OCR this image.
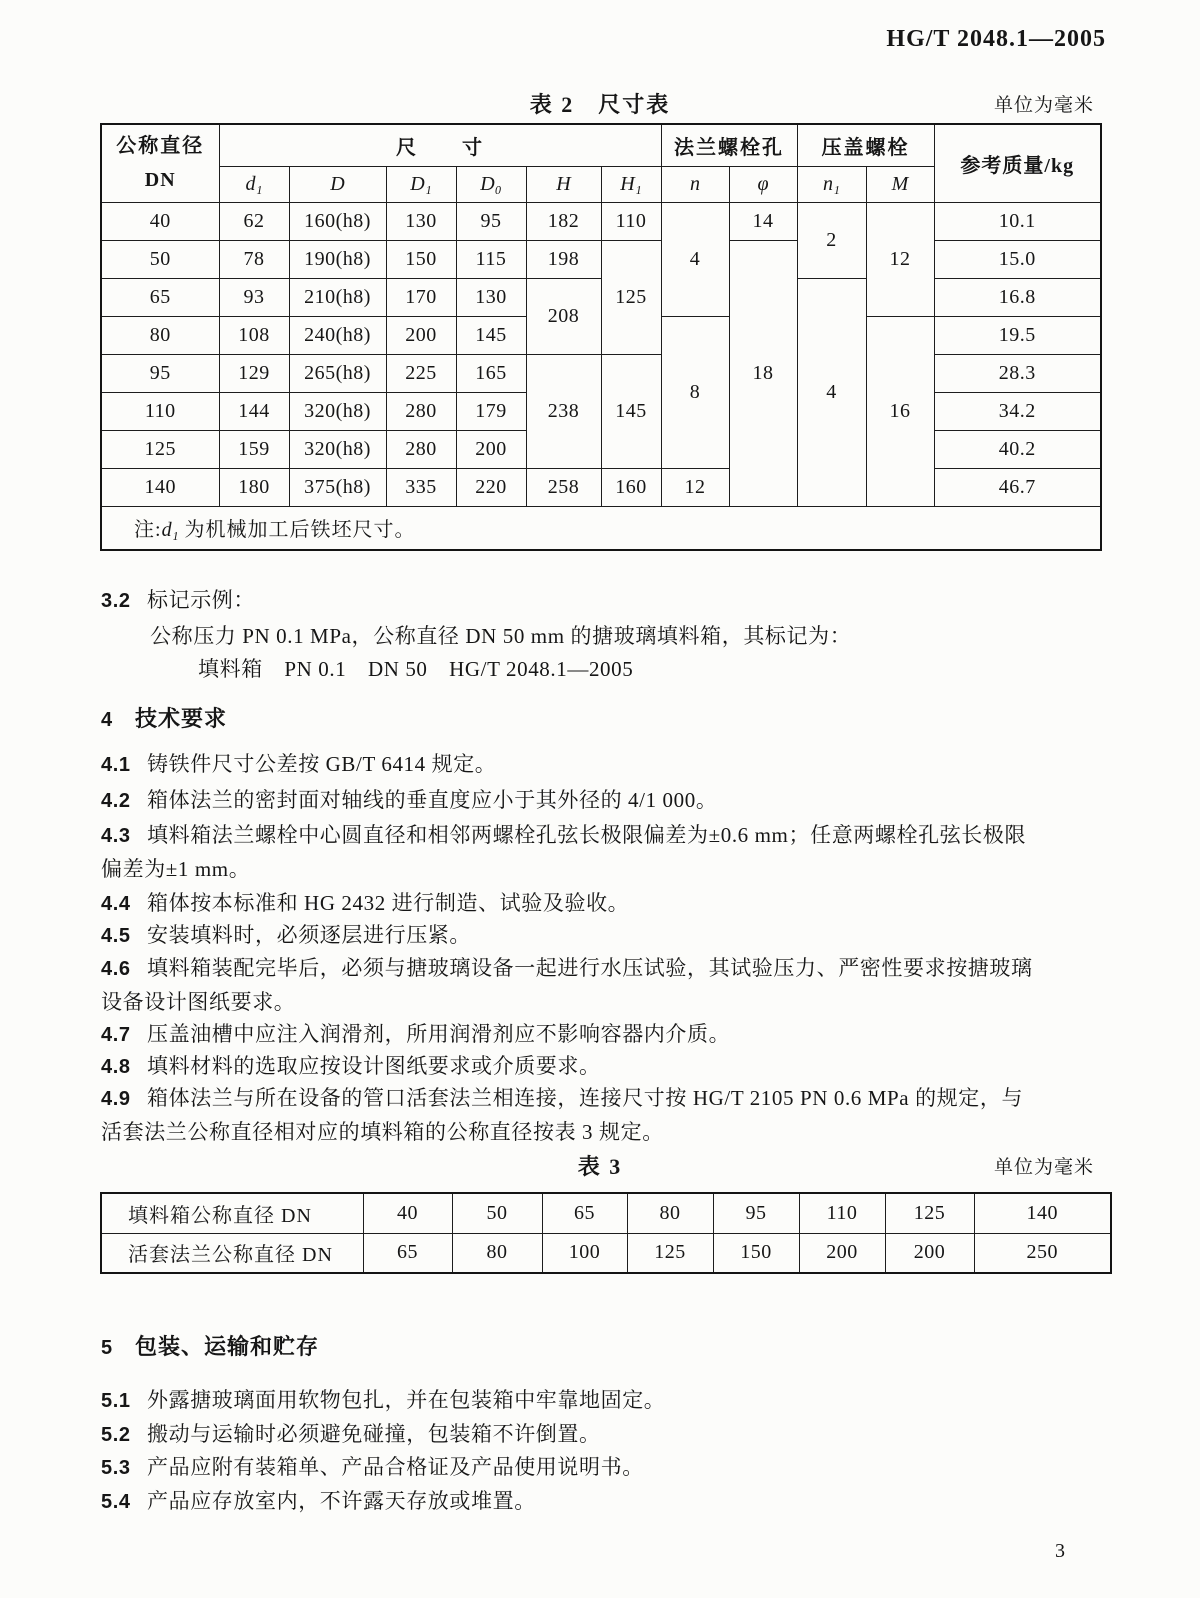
HG/T 2048.1—2005
表 2　尺寸表	单位为毫米
公称直径
DN	尺　　寸						法兰螺栓孔		压盖螺栓		参考质量/kg
	d₁	D	D₁	D₀	H	H₁	n	φ	n₁	M	
40	62	160(h8)	130	95	182	110	4	14	2	12	10.1
50	78	190(h8)	150	115	198	125		18			15.0
65	93	210(h8)	170	130	208				4		16.8
80	108	240(h8)	200	145			8			16	19.5
95	129	265(h8)	225	165	238	145					28.3
110	144	320(h8)	280	179							34.2
125	159	320(h8)	280	200							40.2
140	180	375(h8)	335	220	258	160	12				46.7
注:d₁ 为机械加工后铁坯尺寸。											
3.2 标记示例：
公称压力 PN 0.1 MPa，公称直径 DN 50 mm 的搪玻璃填料箱，其标记为：
填料箱　PN 0.1　DN 50　HG/T 2048.1—2005
4 技术要求
4.1 铸铁件尺寸公差按 GB/T 6414 规定。
4.2 箱体法兰的密封面对轴线的垂直度应小于其外径的 4/1 000。
4.3 填料箱法兰螺栓中心圆直径和相邻两螺栓孔弦长极限偏差为±0.6 mm；任意两螺栓孔弦长极限
偏差为±1 mm。
4.4 箱体按本标准和 HG 2432 进行制造、试验及验收。
4.5 安装填料时，必须逐层进行压紧。
4.6 填料箱装配完毕后，必须与搪玻璃设备一起进行水压试验，其试验压力、严密性要求按搪玻璃
设备设计图纸要求。
4.7 压盖油槽中应注入润滑剂，所用润滑剂应不影响容器内介质。
4.8 填料材料的选取应按设计图纸要求或介质要求。
4.9 箱体法兰与所在设备的管口活套法兰相连接，连接尺寸按 HG/T 2105 PN 0.6 MPa 的规定，与
活套法兰公称直径相对应的填料箱的公称直径按表 3 规定。
表 3	单位为毫米
填料箱公称直径 DN	40	50	65	80	95	110	125	140
活套法兰公称直径 DN	65	80	100	125	150	200	200	250
5 包装、运输和贮存
5.1 外露搪玻璃面用软物包扎，并在包装箱中牢靠地固定。
5.2 搬动与运输时必须避免碰撞，包装箱不许倒置。
5.3 产品应附有装箱单、产品合格证及产品使用说明书。
5.4 产品应存放室内，不许露天存放或堆置。
3
